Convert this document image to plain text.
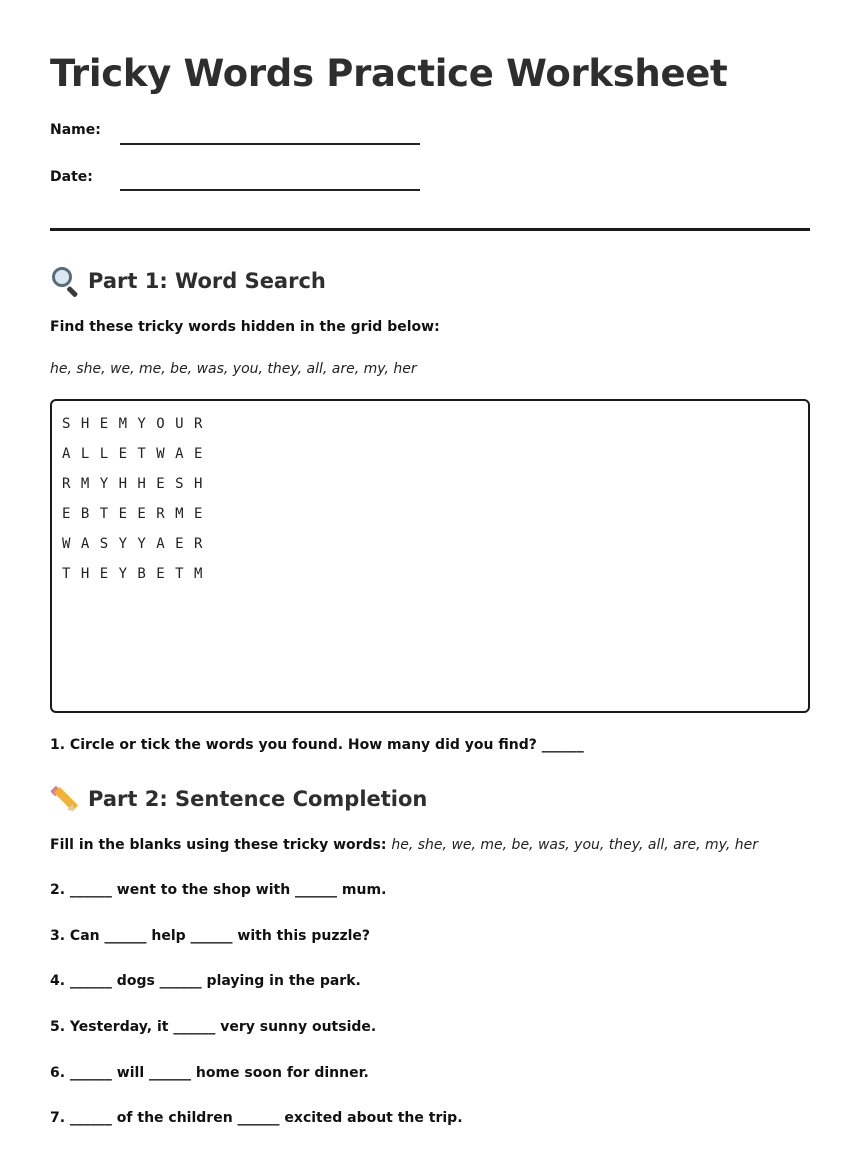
Tricky Words Practice Worksheet
Name:
Date:
Part 1: Word Search
Find these tricky words hidden in the grid below:
he, she, we, me, be, was, you, they, all, are, my, her
S H E M Y O U R
A L L E T W A E
R M Y H H E S H
E B T E E R M E
W A S Y Y A E R
T H E Y B E T M
1. Circle or tick the words you found. How many did you find? ______
Part 2: Sentence Completion
Fill in the blanks using these tricky words: he, she, we, me, be, was, you, they, all, are, my, her
2. ______ went to the shop with ______ mum.
3. Can ______ help ______ with this puzzle?
4. ______ dogs ______ playing in the park.
5. Yesterday, it ______ very sunny outside.
6. ______ will ______ home soon for dinner.
7. ______ of the children ______ excited about the trip.
